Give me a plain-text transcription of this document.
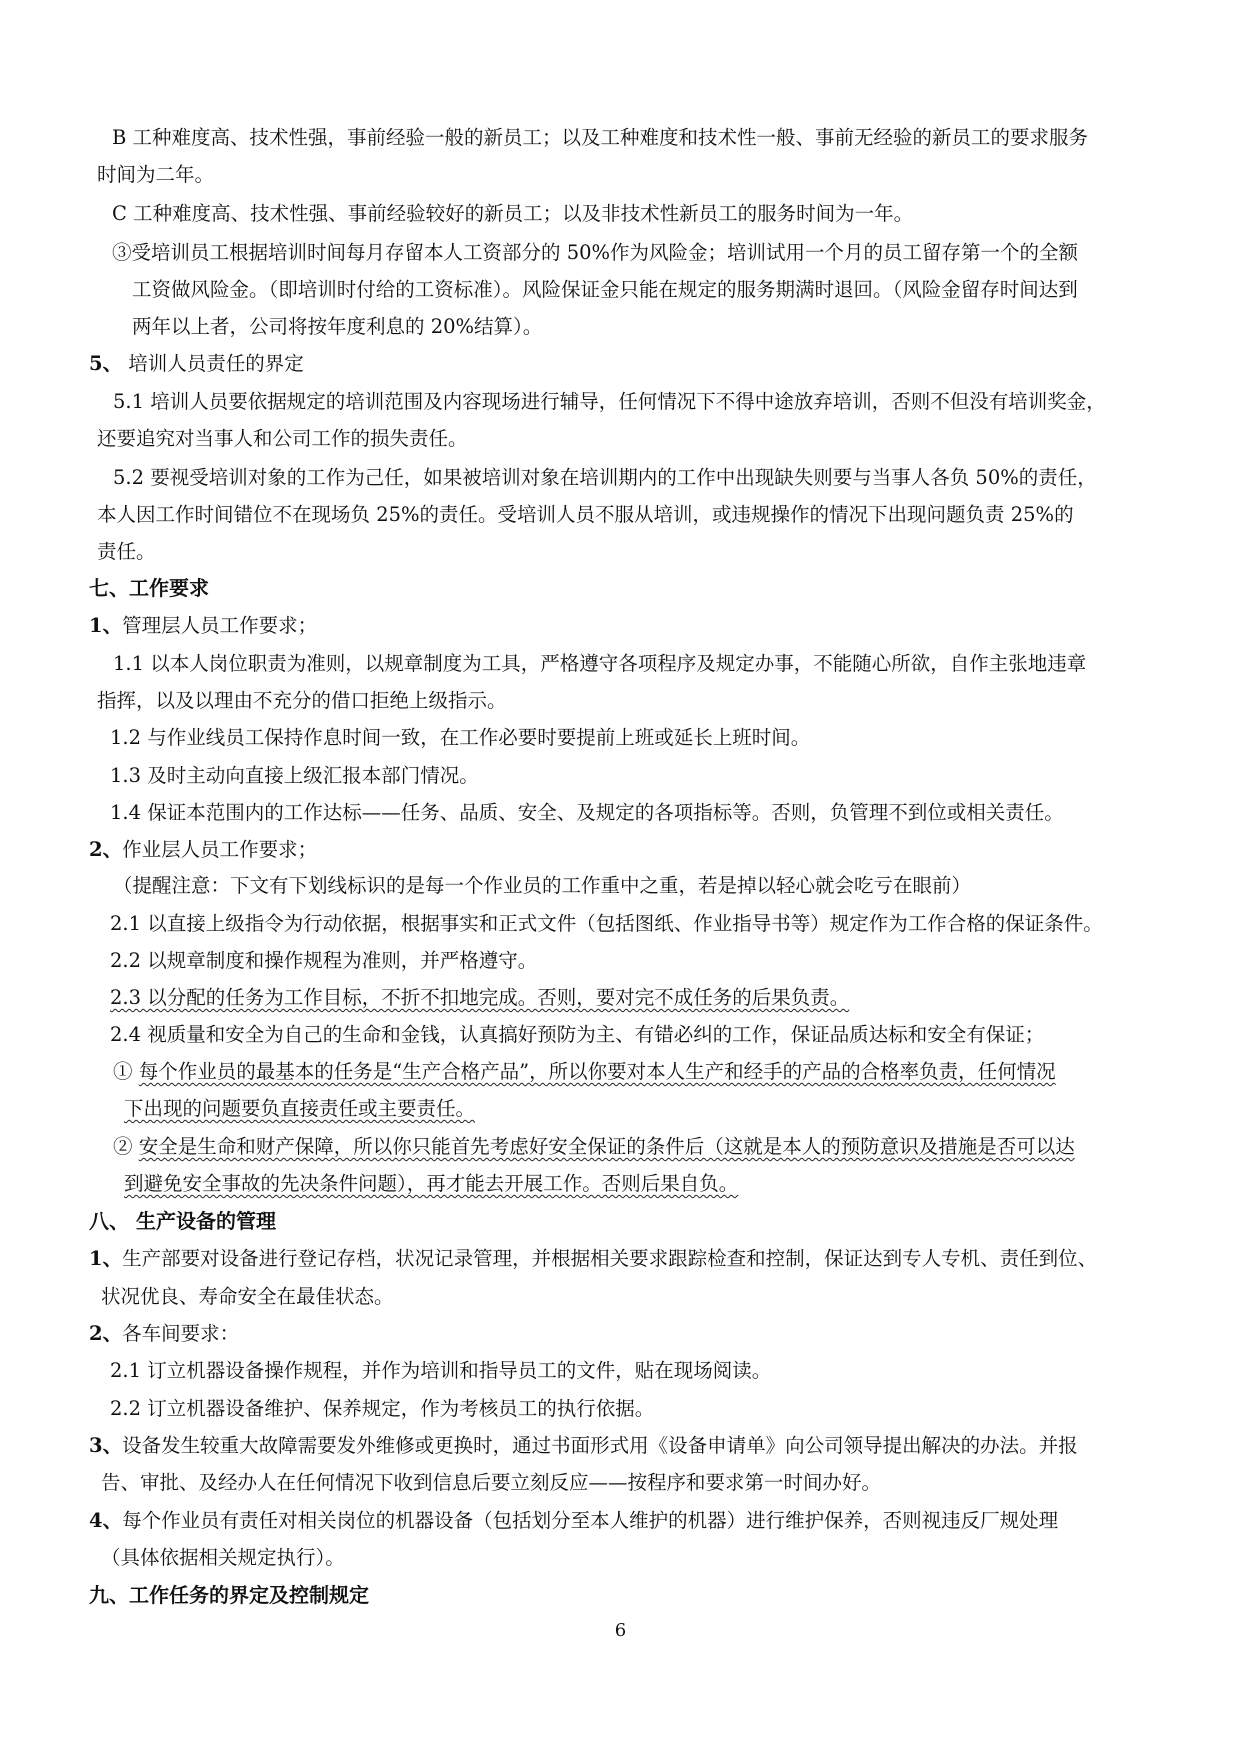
B 工种难度高、技术性强，事前经验一般的新员工；以及工种难度和技术性一般、事前无经验的新员工的要求服务
时间为二年。
C 工种难度高、技术性强、事前经验较好的新员工；以及非技术性新员工的服务时间为一年。
③受培训员工根据培训时间每月存留本人工资部分的 50%作为风险金；培训试用一个月的员工留存第一个的全额
工资做风险金。（即培训时付给的工资标准）。风险保证金只能在规定的服务期满时退回。（风险金留存时间达到
两年以上者，公司将按年度利息的 20%结算）。
5、 培训人员责任的界定
5.1 培训人员要依据规定的培训范围及内容现场进行辅导，任何情况下不得中途放弃培训，否则不但没有培训奖金，
还要追究对当事人和公司工作的损失责任。
5.2 要视受培训对象的工作为己任，如果被培训对象在培训期内的工作中出现缺失则要与当事人各负 50%的责任，
本人因工作时间错位不在现场负 25%的责任。受培训人员不服从培训，或违规操作的情况下出现问题负责 25%的
责任。
七、工作要求
1、管理层人员工作要求；
1.1 以本人岗位职责为准则，以规章制度为工具，严格遵守各项程序及规定办事，不能随心所欲，自作主张地违章
指挥，以及以理由不充分的借口拒绝上级指示。
1.2 与作业线员工保持作息时间一致，在工作必要时要提前上班或延长上班时间。
1.3 及时主动向直接上级汇报本部门情况。
1.4 保证本范围内的工作达标——任务、品质、安全、及规定的各项指标等。否则，负管理不到位或相关责任。
2、作业层人员工作要求；
（提醒注意：下文有下划线标识的是每一个作业员的工作重中之重，若是掉以轻心就会吃亏在眼前）
2.1 以直接上级指令为行动依据，根据事实和正式文件（包括图纸、作业指导书等）规定作为工作合格的保证条件。
2.2 以规章制度和操作规程为准则，并严格遵守。
2.3 以分配的任务为工作目标，不折不扣地完成。否则，要对完不成任务的后果负责。
2.4 视质量和安全为自己的生命和金钱，认真搞好预防为主、有错必纠的工作，保证品质达标和安全有保证；
① 每个作业员的最基本的任务是“生产合格产品”，所以你要对本人生产和经手的产品的合格率负责，任何情况
下出现的问题要负直接责任或主要责任。
② 安全是生命和财产保障，所以你只能首先考虑好安全保证的条件后（这就是本人的预防意识及措施是否可以达
到避免安全事故的先决条件问题），再才能去开展工作。否则后果自负。
八、 生产设备的管理
1、生产部要对设备进行登记存档，状况记录管理，并根据相关要求跟踪检查和控制，保证达到专人专机、责任到位、
状况优良、寿命安全在最佳状态。
2、各车间要求：
2.1 订立机器设备操作规程，并作为培训和指导员工的文件，贴在现场阅读。
2.2 订立机器设备维护、保养规定，作为考核员工的执行依据。
3、设备发生较重大故障需要发外维修或更换时，通过书面形式用《设备申请单》向公司领导提出解决的办法。并报
告、审批、及经办人在任何情况下收到信息后要立刻反应——按程序和要求第一时间办好。
4、每个作业员有责任对相关岗位的机器设备（包括划分至本人维护的机器）进行维护保养，否则视违反厂规处理
（具体依据相关规定执行）。
九、工作任务的界定及控制规定
6
